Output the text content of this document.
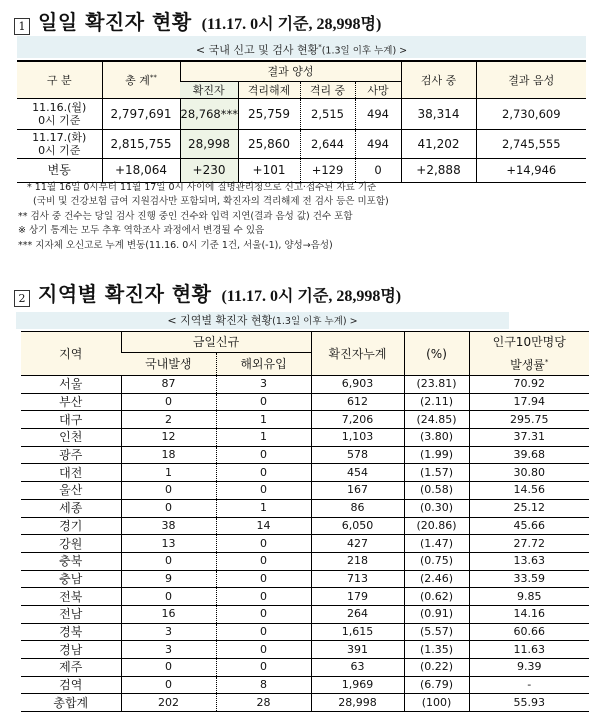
1 일일 확진자 현황 (11.17. 0시 기준, 28,998명)
< 국내 신고 및 검사 현황*(1.3일 이후 누계) >
구 분	총 계**	결과 양성				검사 중	결과 음성
		확진자	격리해제	격리 중	사망		

11.16.(월)
0시 기준	2,797,691	28,768***	25,759	2,515	494	38,314	2,730,609

11.17.(화)
0시 기준	2,815,755	28,998	25,860	2,644	494	41,202	2,745,555
변동	+18,064	+230	+101	+129	0	+2,888	+14,946
* 11월 16일 0시부터 11월 17일 0시 사이에 질병관리청으로 신고·접수된 자료 기준
(국비 및 건강보험 급여 지원검사만 포함되며, 확진자의 격리해제 전 검사 등은 미포함)
** 검사 중 건수는 당일 검사 진행 중인 건수와 입력 지연(결과 음성 값) 건수 포함
※ 상기 통계는 모두 추후 역학조사 과정에서 변경될 수 있음
*** 지자체 오신고로 누계 변동(11.16. 0시 기준 1건, 서울(-1), 양성→음성)
2 지역별 확진자 현황 (11.17. 0시 기준, 28,998명)
< 지역별 확진자 현황(1.3일 이후 누계) >
지역	금일신규		확진자누계	(%)	인구10만명당
발생률*

	국내발생	해외유입			
서울	87	3	6,903	(23.81)	70.92
부산	0	0	612	(2.11)	17.94
대구	2	1	7,206	(24.85)	295.75
인천	12	1	1,103	(3.80)	37.31
광주	18	0	578	(1.99)	39.68
대전	1	0	454	(1.57)	30.80
울산	0	0	167	(0.58)	14.56
세종	0	1	86	(0.30)	25.12
경기	38	14	6,050	(20.86)	45.66
강원	13	0	427	(1.47)	27.72
충북	0	0	218	(0.75)	13.63
충남	9	0	713	(2.46)	33.59
전북	0	0	179	(0.62)	9.85
전남	16	0	264	(0.91)	14.16
경북	3	0	1,615	(5.57)	60.66
경남	3	0	391	(1.35)	11.63
제주	0	0	63	(0.22)	9.39
검역	0	8	1,969	(6.79)	-
총합계	202	28	28,998	(100)	55.93
